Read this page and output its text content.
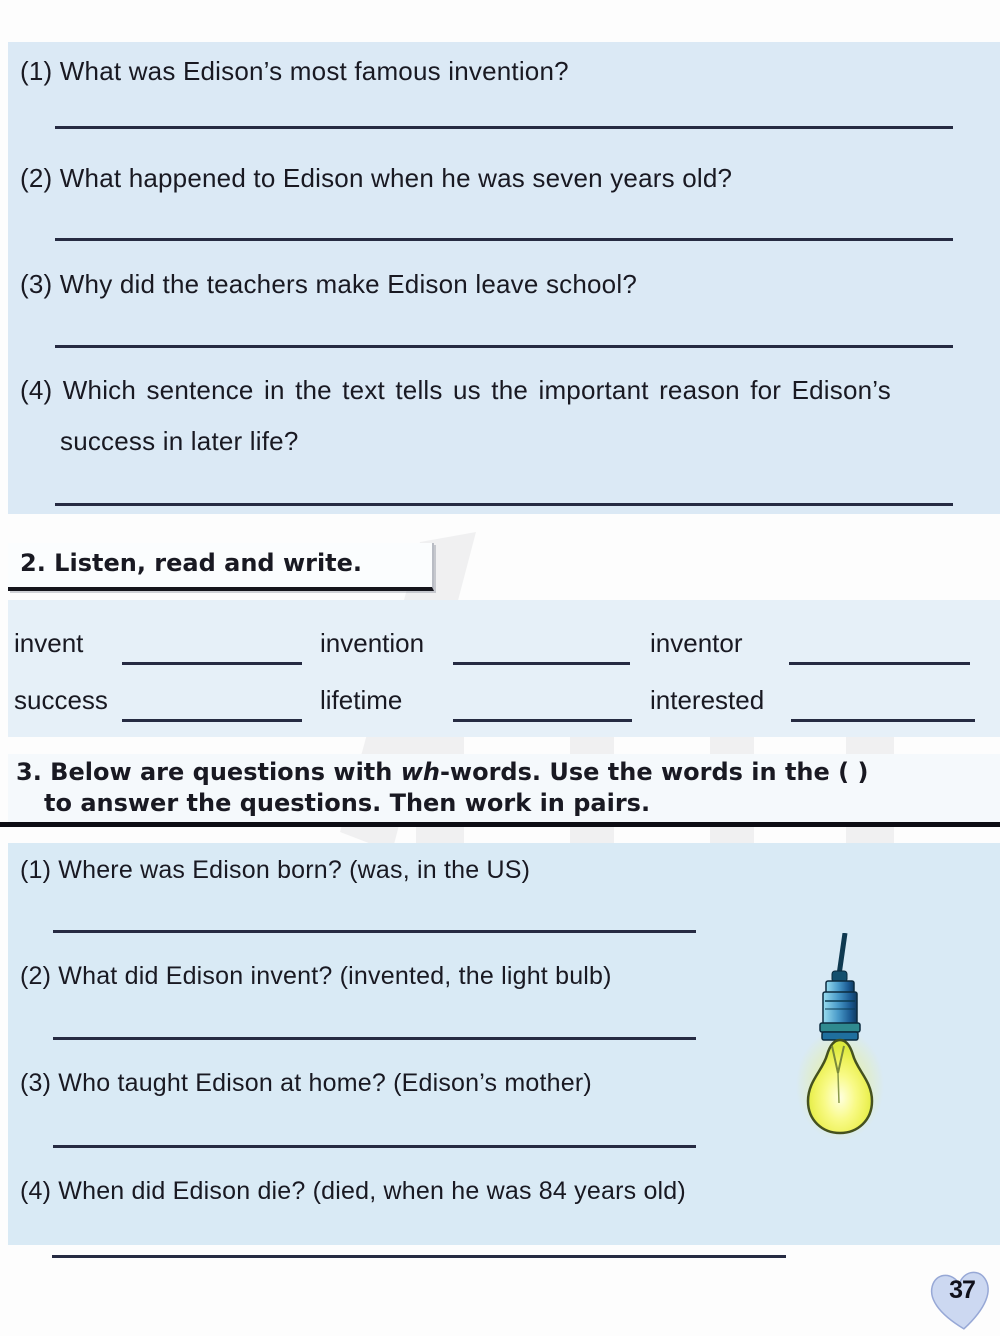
(1) What was Edison’s most famous invention?

(2) What happened to Edison when he was seven years old?

(3) Why did the teachers make Edison leave school?

(4) Which sentence in the text tells us the important reason for Edison’s

success in later life?

2. Listen, read and write.

invent	invention	inventor

success	lifetime	interested

3. Below are questions with wh-words. Use the words in the ( )

to answer the questions. Then work in pairs.

(1) Where was Edison born? (was, in the US)

(2) What did Edison invent? (invented, the light bulb)

(3) Who taught Edison at home? (Edison’s mother)

(4) When did Edison die? (died, when he was 84 years old)

37
